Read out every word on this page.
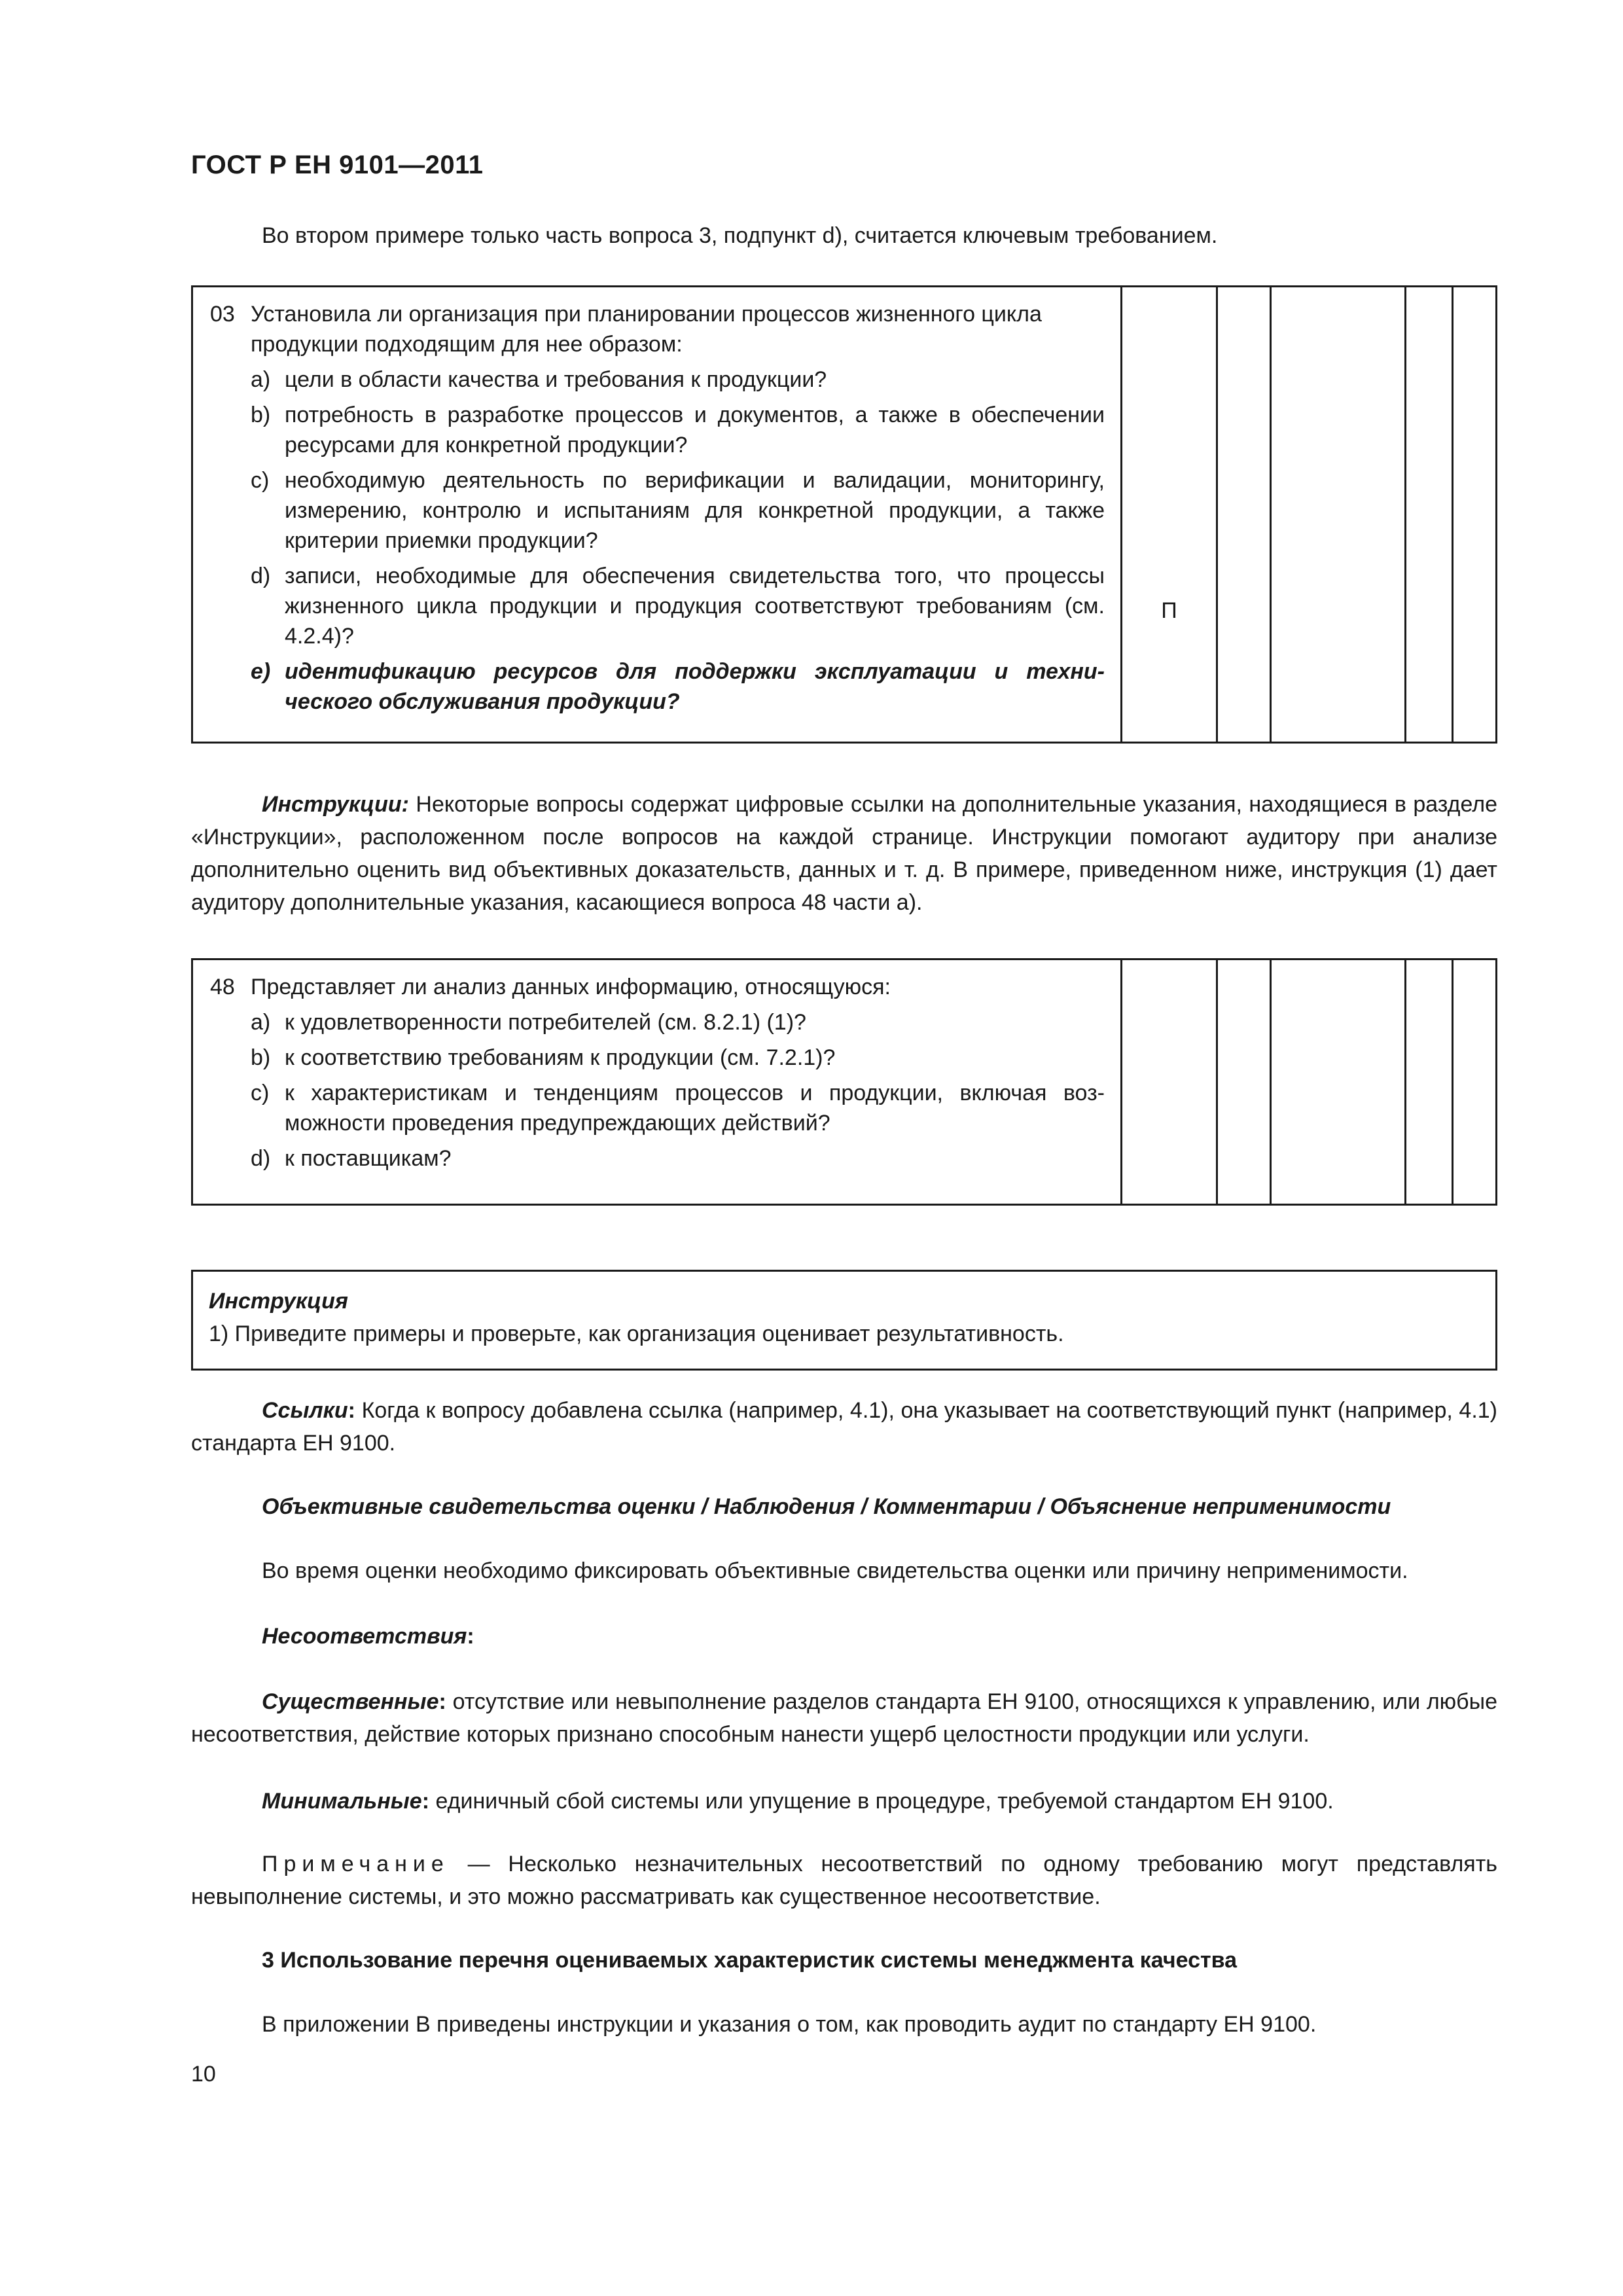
ГОСТ Р ЕН 9101—2011

Во втором примере только часть вопроса 3, подпункт d), считается ключевым требованием.

03 Установила ли организация при планировании процессов жизненного цикла продукции подходящим для нее образом:
a) цели в области качества и требования к продукции?
b) потребность в разработке процессов и документов, а также в обеспечении ресурсами для конкретной продукции?
c) необходимую деятельность по верификации и валидации, мониторингу, измерению, контролю и испытаниям для конкретной продукции, а также критерии приемки продукции?
d) записи, необходимые для обеспечения свидетельства того, что процессы жизненного цикла продукции и продукция соответствуют требованиям (см. 4.2.4)?
e) идентификацию ресурсов для поддержки эксплуатации и технического обслуживания продукции?
П

Инструкции: Некоторые вопросы содержат цифровые ссылки на дополнительные указания, находящиеся в разделе «Инструкции», расположенном после вопросов на каждой странице. Инструкции помогают аудитору при анализе дополнительно оценить вид объективных доказательств, данных и т. д. В примере, приведенном ниже, инструкция (1) дает аудитору дополнительные указания, касающиеся вопроса 48 части а).

48 Представляет ли анализ данных информацию, относящуюся:
a) к удовлетворенности потребителей (см. 8.2.1) (1)?
b) к соответствию требованиям к продукции (см. 7.2.1)?
c) к характеристикам и тенденциям процессов и продукции, включая возможности проведения предупреждающих действий?
d) к поставщикам?
Инструкция
1) Приведите примеры и проверьте, как организация оценивает результативность.

Ссылки: Когда к вопросу добавлена ссылка (например, 4.1), она указывает на соответствующий пункт (например, 4.1) стандарта ЕН 9100.

Объективные свидетельства оценки / Наблюдения / Комментарии / Объяснение неприменимости

Во время оценки необходимо фиксировать объективные свидетельства оценки или причину неприменимости.

Несоответствия:

Существенные: отсутствие или невыполнение разделов стандарта ЕН 9100, относящихся к управлению, или любые несоответствия, действие которых признано способным нанести ущерб целостности продукции или услуги.

Минимальные: единичный сбой системы или упущение в процедуре, требуемой стандартом ЕН 9100.

Примечание — Несколько незначительных несоответствий по одному требованию могут представлять невыполнение системы, и это можно рассматривать как существенное несоответствие.

3 Использование перечня оцениваемых характеристик системы менеджмента качества

В приложении В приведены инструкции и указания о том, как проводить аудит по стандарту ЕН 9100.

10
